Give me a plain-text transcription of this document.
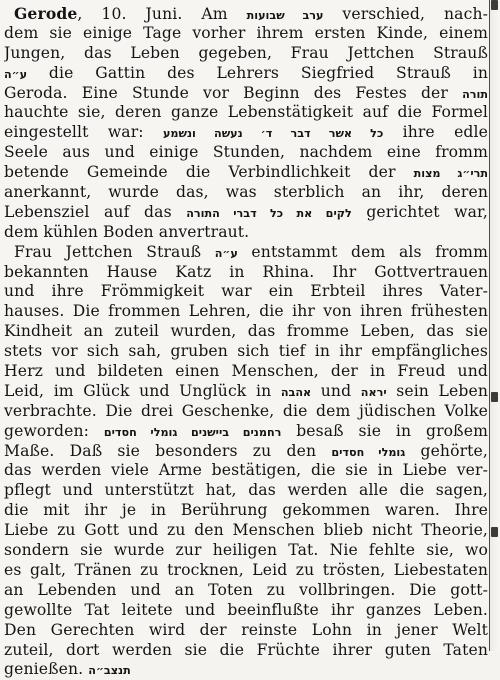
Gerode, 10. Juni. Am ערב שבועות verschied, nach-
dem sie einige Tage vorher ihrem ersten Kinde, einem
Jungen, das Leben gegeben, Frau Jettchen Strauß
ע״ה die Gattin des Lehrers Siegfried Strauß in
Geroda. Eine Stunde vor Beginn des Festes der תורה
hauchte sie, deren ganze Lebenstätigkeit auf die Formel
eingestellt war: כל אשר דבר ד׳ נעשה ונשמע ihre edle
Seele aus und einige Stunden, nachdem eine fromm
betende Gemeinde die Verbindlichkeit der תרי״ג מצות
anerkannt, wurde das, was sterblich an ihr, deren
Lebensziel auf das לקים את כל דברי התורה gerichtet war,
dem kühlen Boden anvertraut.
Frau Jettchen Strauß ע״ה entstammt dem als fromm
bekannten Hause Katz in Rhina. Ihr Gottvertrauen
und ihre Frömmigkeit war ein Erbteil ihres Vater-
hauses. Die frommen Lehren, die ihr von ihren frühesten
Kindheit an zuteil wurden, das fromme Leben, das sie
stets vor sich sah, gruben sich tief in ihr empfängliches
Herz und bildeten einen Menschen, der in Freud und
Leid, im Glück und Unglück in אהבה und יראה sein Leben
verbrachte. Die drei Geschenke, die dem jüdischen Volke
geworden: רחמנים ביישנים גומלי חסדים besaß sie in großem
Maße. Daß sie besonders zu den גומלי חסדים gehörte,
das werden viele Arme bestätigen, die sie in Liebe ver-
pflegt und unterstützt hat, das werden alle die sagen,
die mit ihr je in Berührung gekommen waren. Ihre
Liebe zu Gott und zu den Menschen blieb nicht Theorie,
sondern sie wurde zur heiligen Tat. Nie fehlte sie, wo
es galt, Tränen zu trocknen, Leid zu trösten, Liebestaten
an Lebenden und an Toten zu vollbringen. Die gott-
gewollte Tat leitete und beeinflußte ihr ganzes Leben.
Den Gerechten wird der reinste Lohn in jener Welt
zuteil, dort werden sie die Früchte ihrer guten Taten
genießen. תנצב״ה
